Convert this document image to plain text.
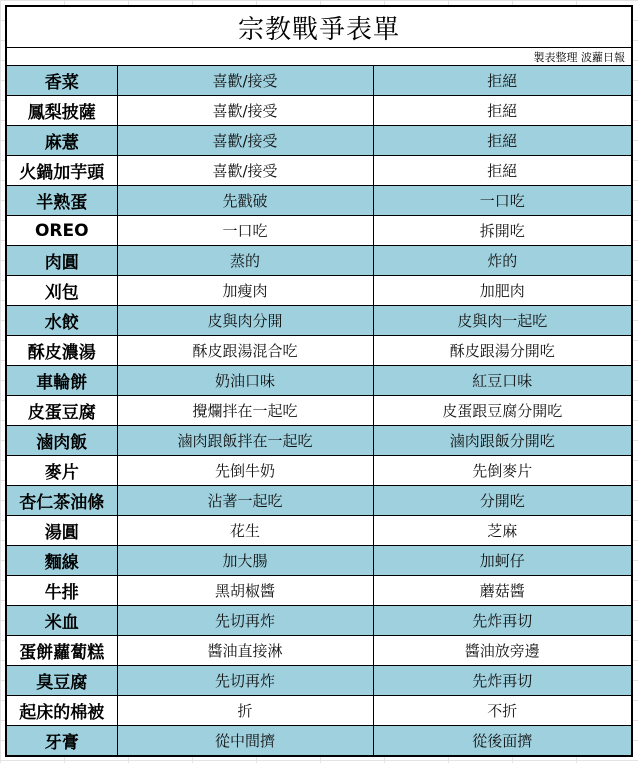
宗教戰爭表單		
製表整理 波蘿日報		
香菜	喜歡/接受	拒絕
鳳梨披薩	喜歡/接受	拒絕
麻薏	喜歡/接受	拒絕
火鍋加芋頭	喜歡/接受	拒絕
半熟蛋	先戳破	一口吃
OREO	一口吃	拆開吃
肉圓	蒸的	炸的
刈包	加瘦肉	加肥肉
水餃	皮與肉分開	皮與肉一起吃
酥皮濃湯	酥皮跟湯混合吃	酥皮跟湯分開吃
車輪餅	奶油口味	紅豆口味
皮蛋豆腐	攪爛拌在一起吃	皮蛋跟豆腐分開吃
滷肉飯	滷肉跟飯拌在一起吃	滷肉跟飯分開吃
麥片	先倒牛奶	先倒麥片
杏仁茶油條	沾著一起吃	分開吃
湯圓	花生	芝麻
麵線	加大腸	加蚵仔
牛排	黑胡椒醬	蘑菇醬
米血	先切再炸	先炸再切
蛋餅蘿蔔糕	醬油直接淋	醬油放旁邊
臭豆腐	先切再炸	先炸再切
起床的棉被	折	不折
牙膏	從中間擠	從後面擠
